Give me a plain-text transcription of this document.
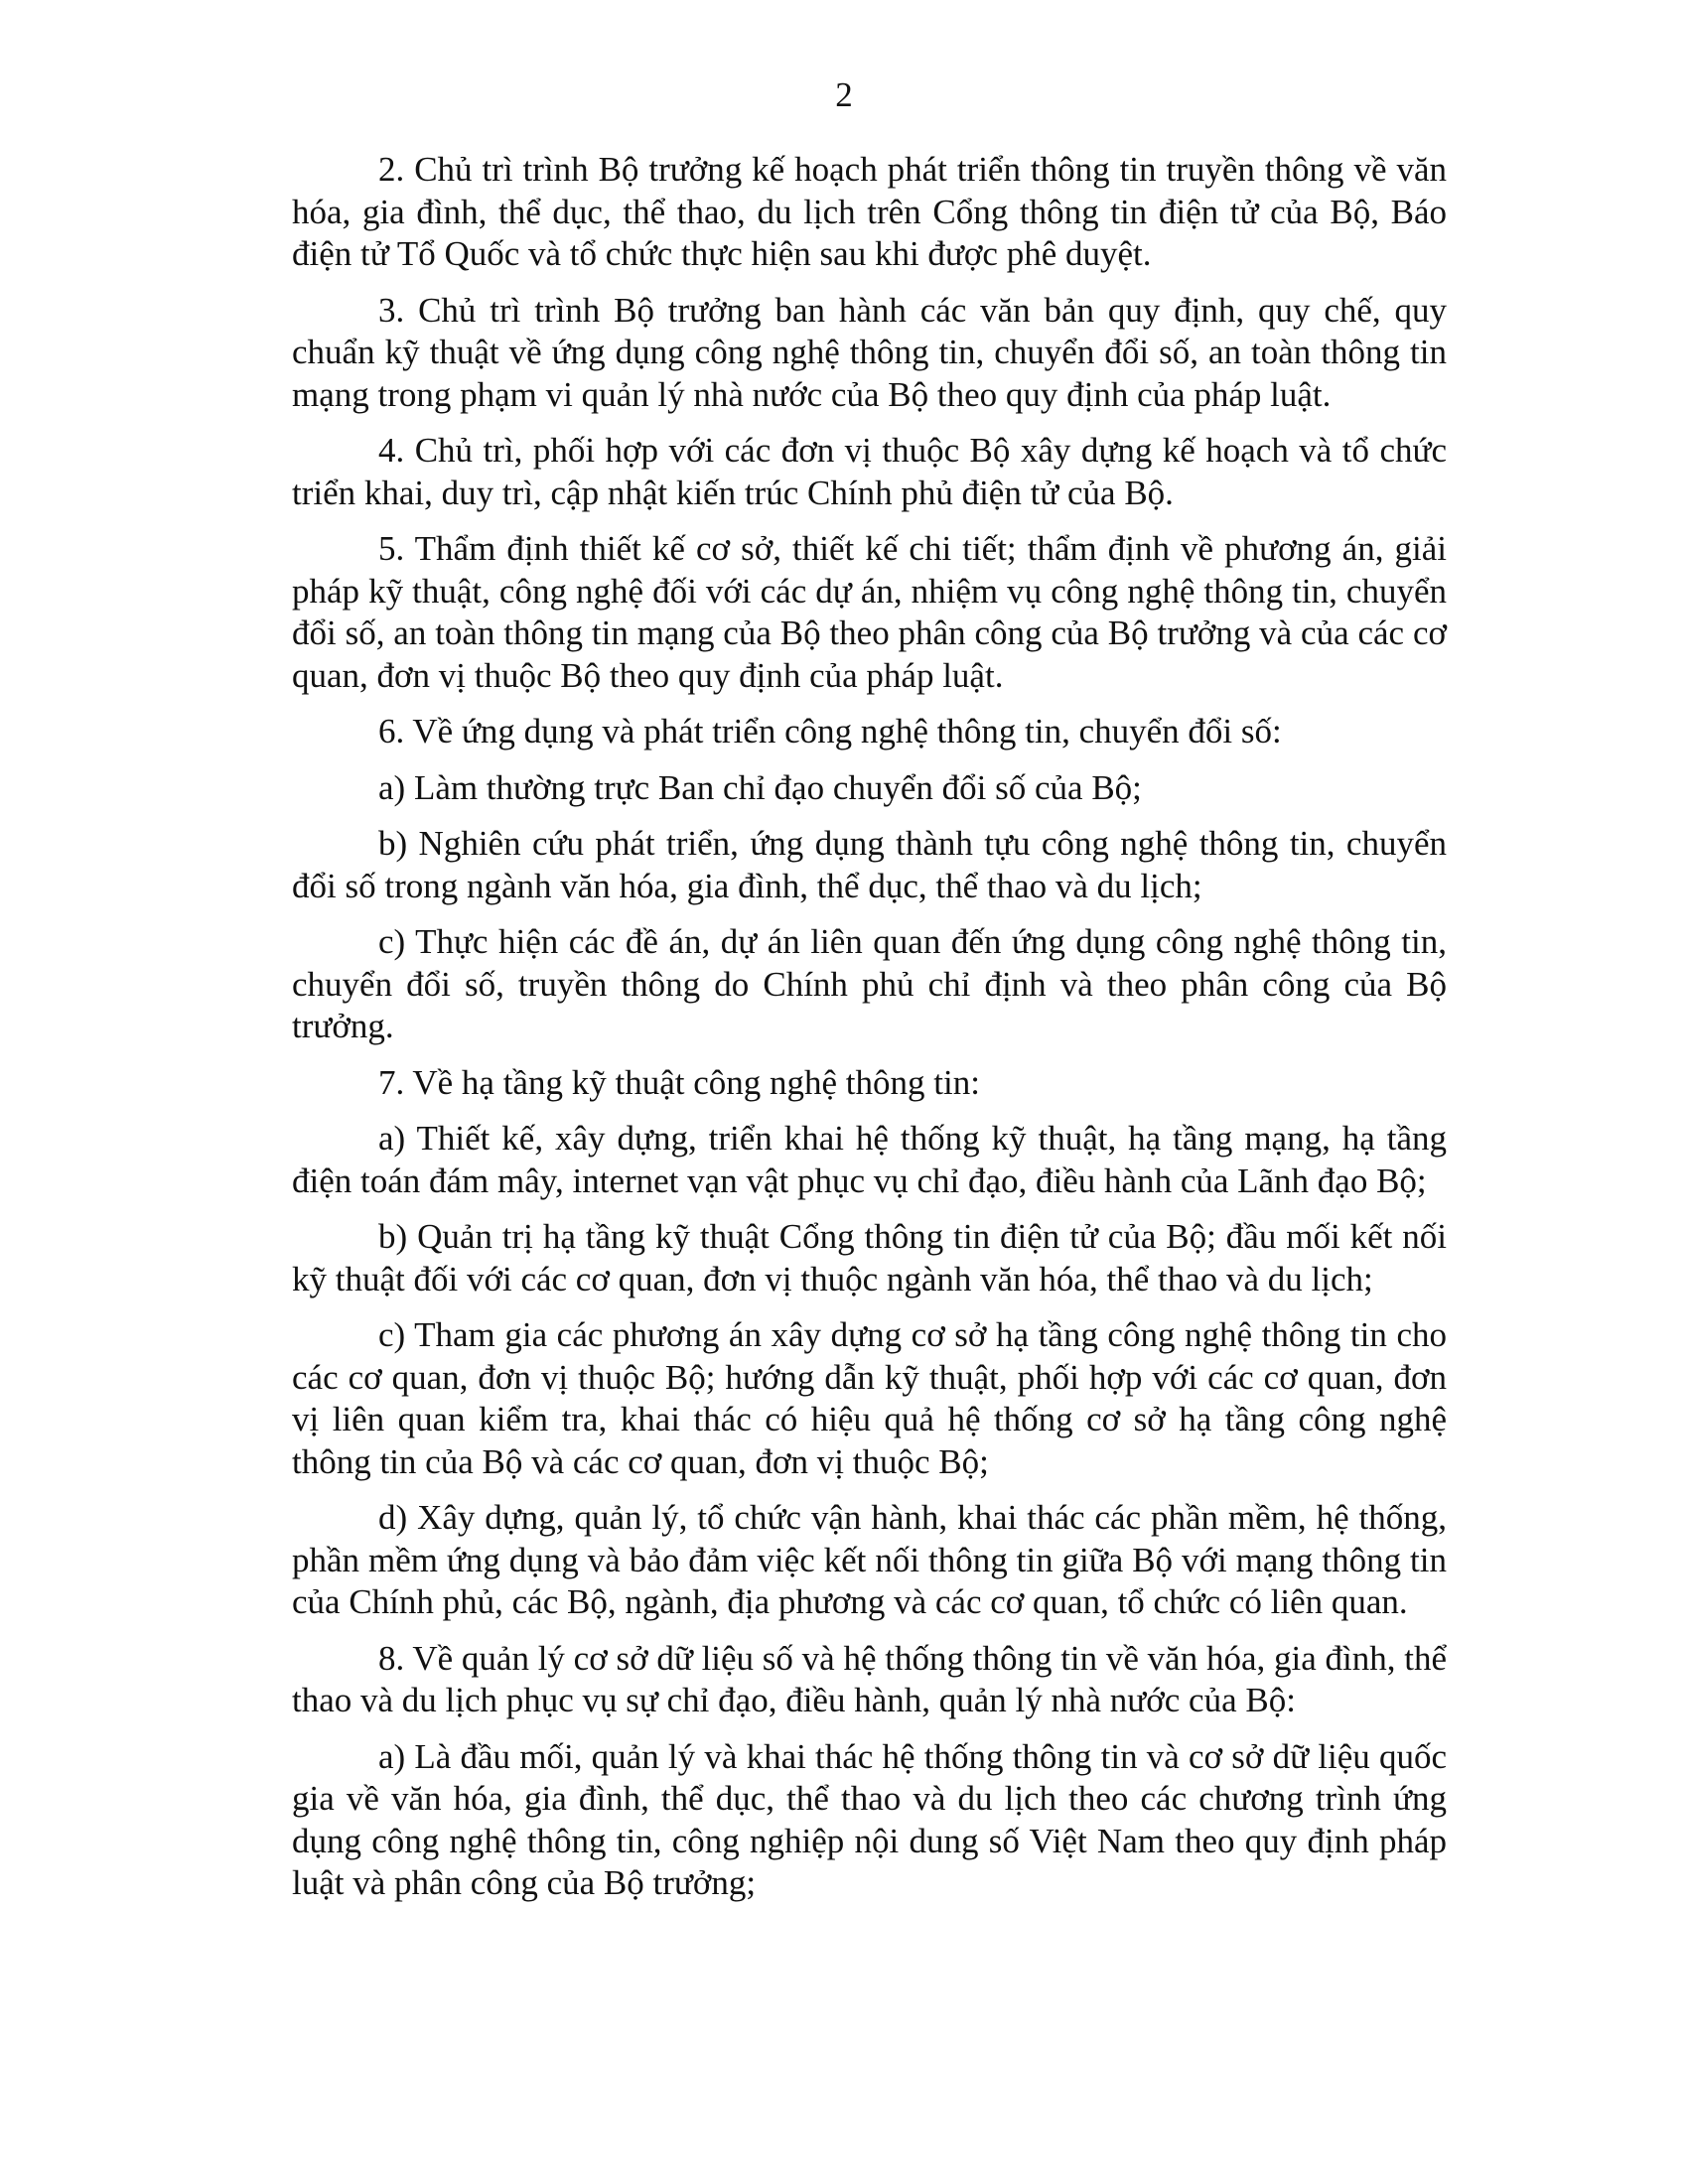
2

2. Chủ trì trình Bộ trưởng kế hoạch phát triển thông tin truyền thông về văn hóa, gia đình, thể dục, thể thao, du lịch trên Cổng thông tin điện tử của Bộ, Báo điện tử Tổ Quốc và tổ chức thực hiện sau khi được phê duyệt.

3. Chủ trì trình Bộ trưởng ban hành các văn bản quy định, quy chế, quy chuẩn kỹ thuật về ứng dụng công nghệ thông tin, chuyển đổi số, an toàn thông tin mạng trong phạm vi quản lý nhà nước của Bộ theo quy định của pháp luật.

4. Chủ trì, phối hợp với các đơn vị thuộc Bộ xây dựng kế hoạch và tổ chức triển khai, duy trì, cập nhật kiến trúc Chính phủ điện tử của Bộ.

5. Thẩm định thiết kế cơ sở, thiết kế chi tiết; thẩm định về phương án, giải pháp kỹ thuật, công nghệ đối với các dự án, nhiệm vụ công nghệ thông tin, chuyển đổi số, an toàn thông tin mạng của Bộ theo phân công của Bộ trưởng và của các cơ quan, đơn vị thuộc Bộ theo quy định của pháp luật.

6. Về ứng dụng và phát triển công nghệ thông tin, chuyển đổi số:

a) Làm thường trực Ban chỉ đạo chuyển đổi số của Bộ;

b) Nghiên cứu phát triển, ứng dụng thành tựu công nghệ thông tin, chuyển đổi số trong ngành văn hóa, gia đình, thể dục, thể thao và du lịch;

c) Thực hiện các đề án, dự án liên quan đến ứng dụng công nghệ thông tin, chuyển đổi số, truyền thông do Chính phủ chỉ định và theo phân công của Bộ trưởng.

7. Về hạ tầng kỹ thuật công nghệ thông tin:

a) Thiết kế, xây dựng, triển khai hệ thống kỹ thuật, hạ tầng mạng, hạ tầng điện toán đám mây, internet vạn vật phục vụ chỉ đạo, điều hành của Lãnh đạo Bộ;

b) Quản trị hạ tầng kỹ thuật Cổng thông tin điện tử của Bộ; đầu mối kết nối kỹ thuật đối với các cơ quan, đơn vị thuộc ngành văn hóa, thể thao và du lịch;

c) Tham gia các phương án xây dựng cơ sở hạ tầng công nghệ thông tin cho các cơ quan, đơn vị thuộc Bộ; hướng dẫn kỹ thuật, phối hợp với các cơ quan, đơn vị liên quan kiểm tra, khai thác có hiệu quả hệ thống cơ sở hạ tầng công nghệ thông tin của Bộ và các cơ quan, đơn vị thuộc Bộ;

d) Xây dựng, quản lý, tổ chức vận hành, khai thác các phần mềm, hệ thống, phần mềm ứng dụng và bảo đảm việc kết nối thông tin giữa Bộ với mạng thông tin của Chính phủ, các Bộ, ngành, địa phương và các cơ quan, tổ chức có liên quan.

8. Về quản lý cơ sở dữ liệu số và hệ thống thông tin về văn hóa, gia đình, thể thao và du lịch phục vụ sự chỉ đạo, điều hành, quản lý nhà nước của Bộ:

a) Là đầu mối, quản lý và khai thác hệ thống thông tin và cơ sở dữ liệu quốc gia về văn hóa, gia đình, thể dục, thể thao và du lịch theo các chương trình ứng dụng công nghệ thông tin, công nghiệp nội dung số Việt Nam theo quy định pháp luật và phân công của Bộ trưởng;
